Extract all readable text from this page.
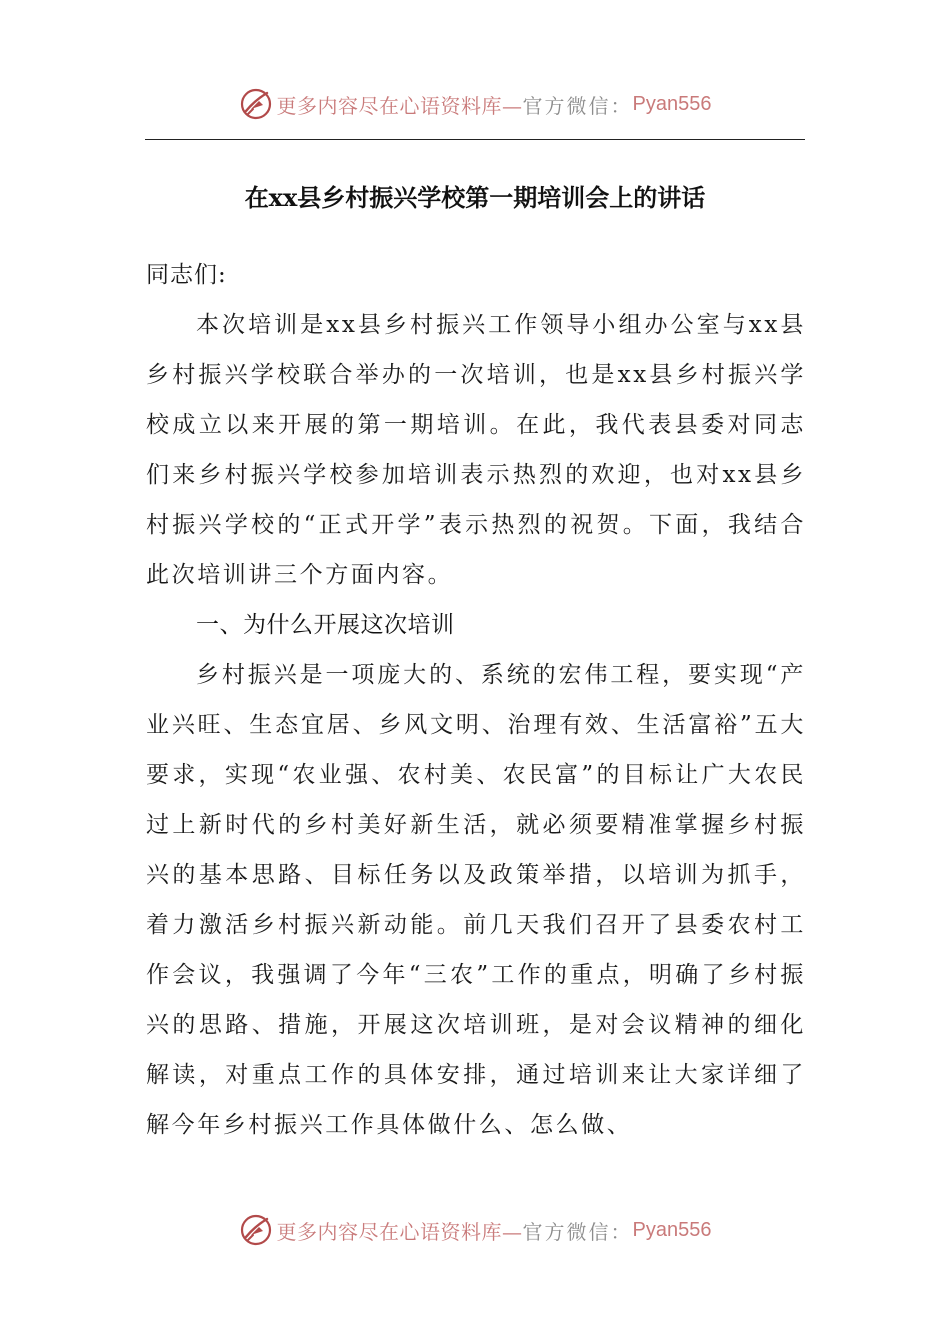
更多内容尽在心语资料库— 官方微信： Pyan556
在xx县乡村振兴学校第一期培训会上的讲话

同志们:

本次培训是xx县乡村振兴工作领导小组办公室与xx县乡村振兴学校联合举办的一次培训，也是xx县乡村振兴学校成立以来开展的第一期培训。在此，我代表县委对同志们来乡村振兴学校参加培训表示热烈的欢迎，也对xx县乡村振兴学校的“正式开学”表示热烈的祝贺。下面，我结合此次培训讲三个方面内容。

一、为什么开展这次培训

乡村振兴是一项庞大的、系统的宏伟工程，要实现“产业兴旺、生态宜居、乡风文明、治理有效、生活富裕”五大要求，实现“农业强、农村美、农民富”的目标让广大农民过上新时代的乡村美好新生活，就必须要精准掌握乡村振兴的基本思路、目标任务以及政策举措，以培训为抓手，着力激活乡村振兴新动能。前几天我们召开了县委农村工作会议，我强调了今年“三农”工作的重点，明确了乡村振兴的思路、措施，开展这次培训班，是对会议精神的细化解读，对重点工作的具体安排，通过培训来让大家详细了解今年乡村振兴工作具体做什么、怎么做、

更多内容尽在心语资料库— 官方微信： Pyan556
